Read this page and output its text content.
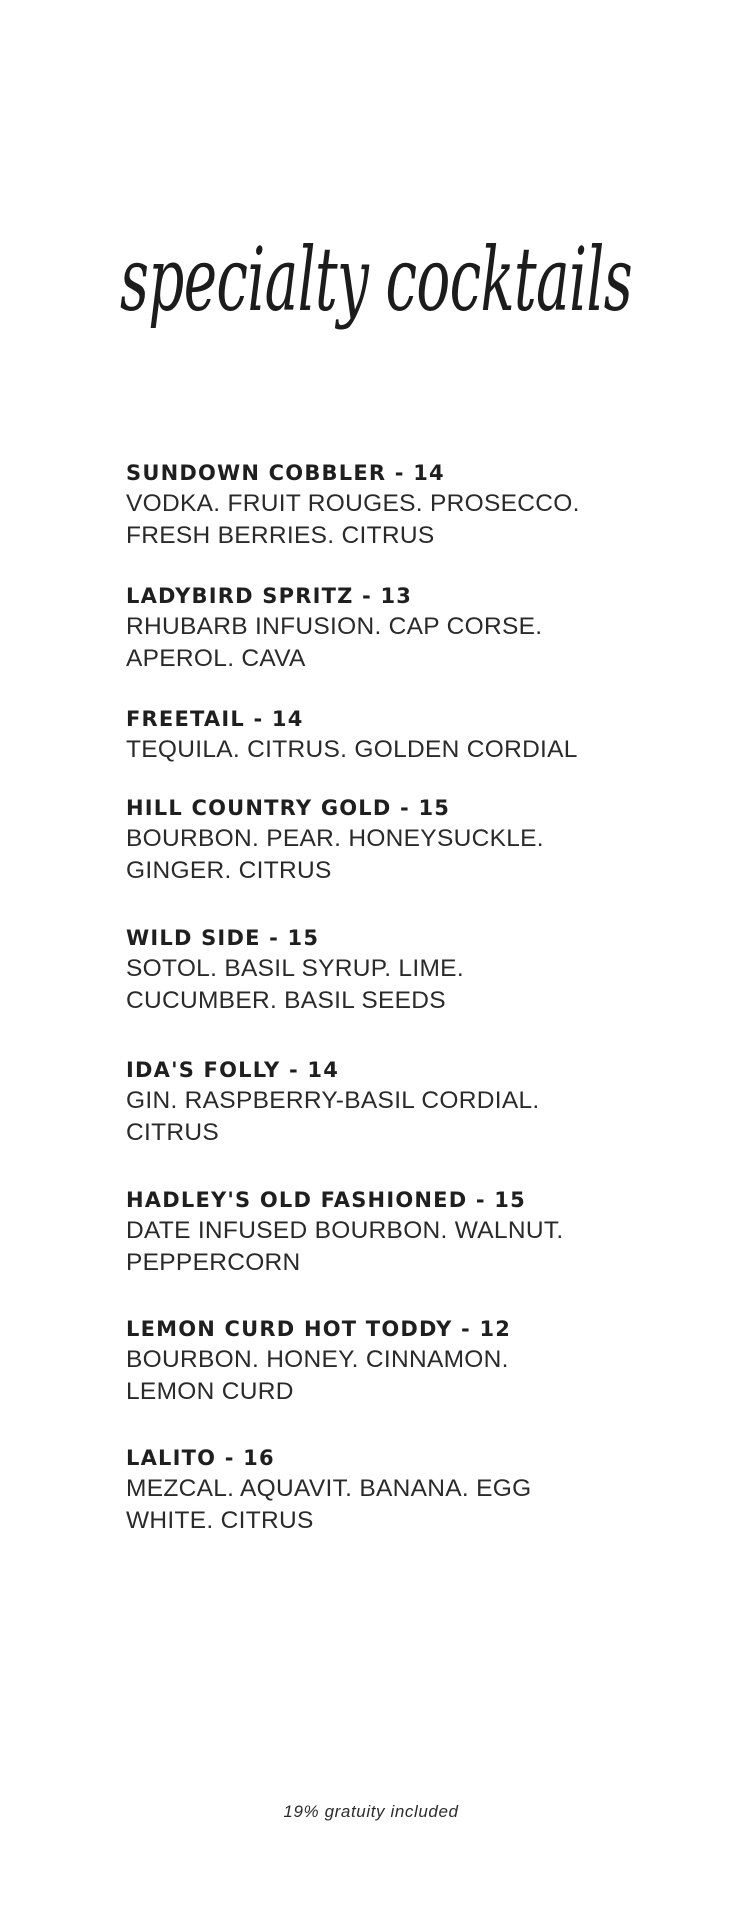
specialty cocktails
SUNDOWN COBBLER - 14
VODKA. FRUIT ROUGES. PROSECCO.
FRESH BERRIES. CITRUS
LADYBIRD SPRITZ - 13
RHUBARB INFUSION. CAP CORSE.
APEROL. CAVA
FREETAIL - 14
TEQUILA. CITRUS. GOLDEN CORDIAL
HILL COUNTRY GOLD - 15
BOURBON. PEAR. HONEYSUCKLE.
GINGER. CITRUS
WILD SIDE - 15
SOTOL. BASIL SYRUP. LIME.
CUCUMBER. BASIL SEEDS
IDA'S FOLLY - 14
GIN. RASPBERRY-BASIL CORDIAL.
CITRUS
HADLEY'S OLD FASHIONED - 15
DATE INFUSED BOURBON. WALNUT.
PEPPERCORN
LEMON CURD HOT TODDY - 12
BOURBON. HONEY. CINNAMON.
LEMON CURD
LALITO - 16
MEZCAL. AQUAVIT. BANANA. EGG
WHITE. CITRUS
19% gratuity included
